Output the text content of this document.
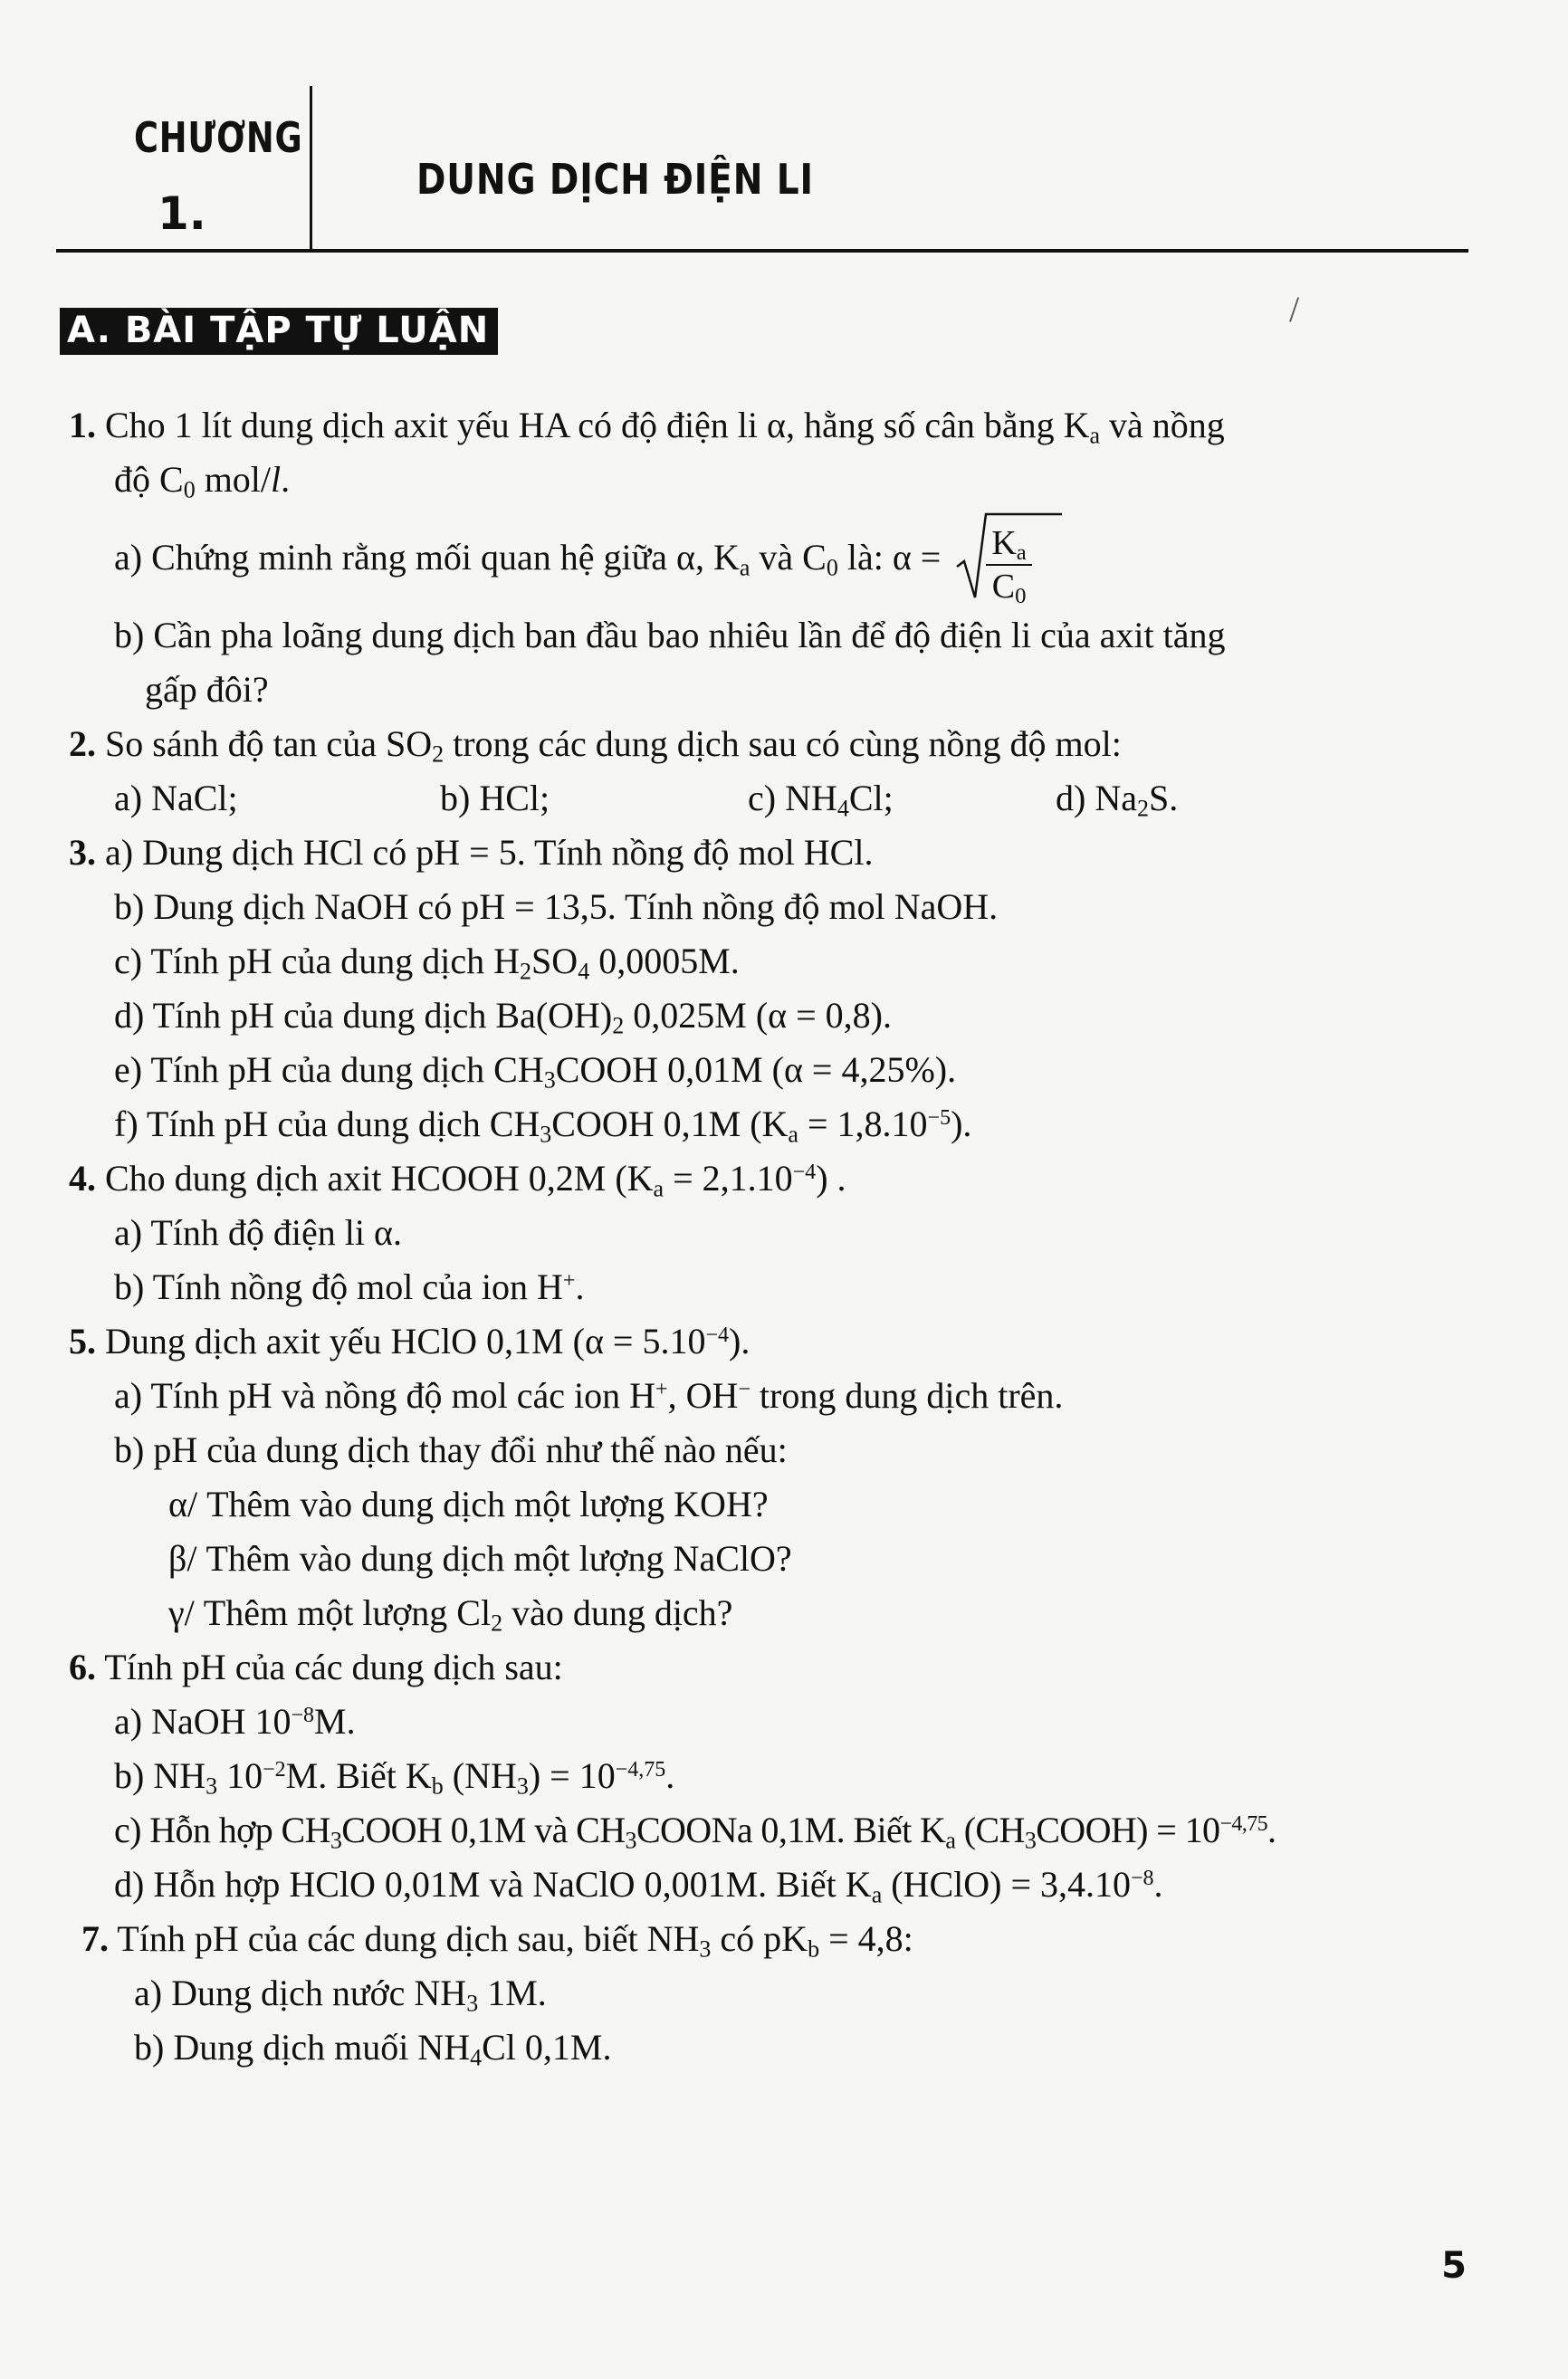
CHƯƠNG
1.
DUNG DỊCH ĐIỆN LI
/
A. BÀI TẬP TỰ LUẬN
1. Cho 1 lít dung dịch axit yếu HA có độ điện li α, hằng số cân bằng $K_a$ và nồng
độ $C_0$ mol/l.
a) Chứng minh rằng mối quan hệ giữa α, $K_a$ và $C_0$ là: $\alpha = \frac{K_a}{C_0}$
b) Cần pha loãng dung dịch ban đầu bao nhiêu lần để độ điện li của axit tăng
gấp đôi?
2. So sánh độ tan của $SO_2$ trong các dung dịch sau có cùng nồng độ mol:
a) NaCl;	b) HCl;	c) $NH_4Cl$;	d) $Na_2S$.
3. a) Dung dịch HCl có pH = 5. Tính nồng độ mol HCl.
b) Dung dịch NaOH có pH = 13,5. Tính nồng độ mol NaOH.
c) Tính pH của dung dịch $H_2SO_4$ 0,0005M.
d) Tính pH của dung dịch $Ba(OH)_2$ 0,025M (α = 0,8).
e) Tính pH của dung dịch $CH_3COOH$ 0,01M (α = 4,25%).
f) Tính pH của dung dịch $CH_3COOH$ 0,1M $(K_a = 1,8.10^{-5})$.
4. Cho dung dịch axit HCOOH 0,2M $(K_a = 2,1.10^{-4})$ .
a) Tính độ điện li α.
b) Tính nồng độ mol của ion H+.
5. Dung dịch axit yếu HClO 0,1M $(\alpha = 5.10^{-4})$.
a) Tính pH và nồng độ mol các ion H+, OH− trong dung dịch trên.
b) pH của dung dịch thay đổi như thế nào nếu:
α/ Thêm vào dung dịch một lượng KOH?
β/ Thêm vào dung dịch một lượng NaClO?
γ/ Thêm một lượng $Cl_2$ vào dung dịch?
6. Tính pH của các dung dịch sau:
a) NaOH $10^{-8}M$.
b) $NH_3$ $10^{-2}M$. Biết $K_b$ $(NH_3) = 10^{-4,75}$.
c) Hỗn hợp $CH_3COOH$ 0,1M và $CH_3COONa$ 0,1M. Biết $K_a$ $(CH_3COOH) = 10^{-4,75}$.
d) Hỗn hợp HClO 0,01M và NaClO 0,001M. Biết $K_a$ (HClO) = $3,4.10^{-8}$.
7. Tính pH của các dung dịch sau, biết $NH_3$ có $pK_b = 4,8$:
a) Dung dịch nước $NH_3$ 1M.
b) Dung dịch muối $NH_4Cl$ 0,1M.
5
